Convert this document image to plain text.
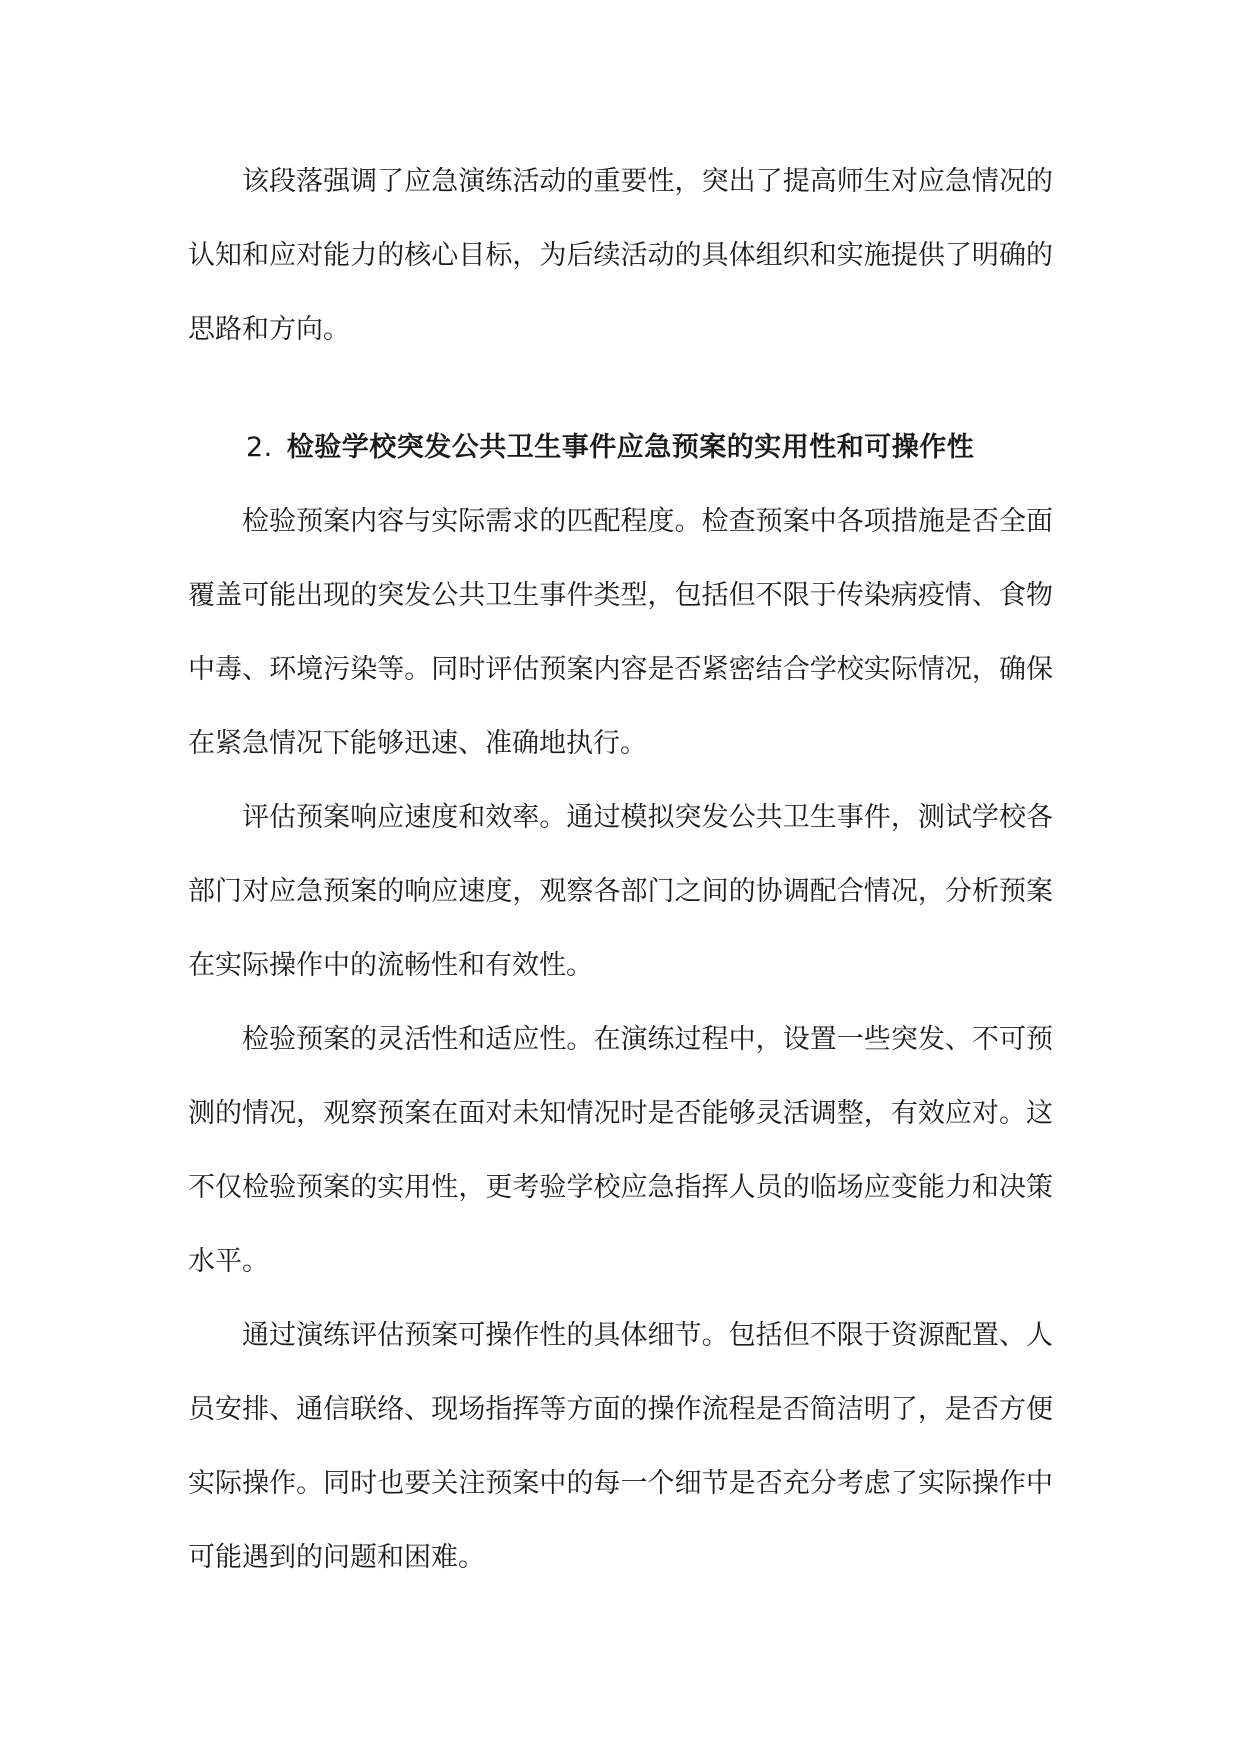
该段落强调了应急演练活动的重要性，突出了提高师生对应急情况的认知和应对能力的核心目标，为后续活动的具体组织和实施提供了明确的思路和方向。

2. 检验学校突发公共卫生事件应急预案的实用性和可操作性

检验预案内容与实际需求的匹配程度。检查预案中各项措施是否全面覆盖可能出现的突发公共卫生事件类型，包括但不限于传染病疫情、食物中毒、环境污染等。同时评估预案内容是否紧密结合学校实际情况，确保在紧急情况下能够迅速、准确地执行。

评估预案响应速度和效率。通过模拟突发公共卫生事件，测试学校各部门对应急预案的响应速度，观察各部门之间的协调配合情况，分析预案在实际操作中的流畅性和有效性。

检验预案的灵活性和适应性。在演练过程中，设置一些突发、不可预测的情况，观察预案在面对未知情况时是否能够灵活调整，有效应对。这不仅检验预案的实用性，更考验学校应急指挥人员的临场应变能力和决策水平。

通过演练评估预案可操作性的具体细节。包括但不限于资源配置、人员安排、通信联络、现场指挥等方面的操作流程是否简洁明了，是否方便实际操作。同时也要关注预案中的每一个细节是否充分考虑了实际操作中可能遇到的问题和困难。
